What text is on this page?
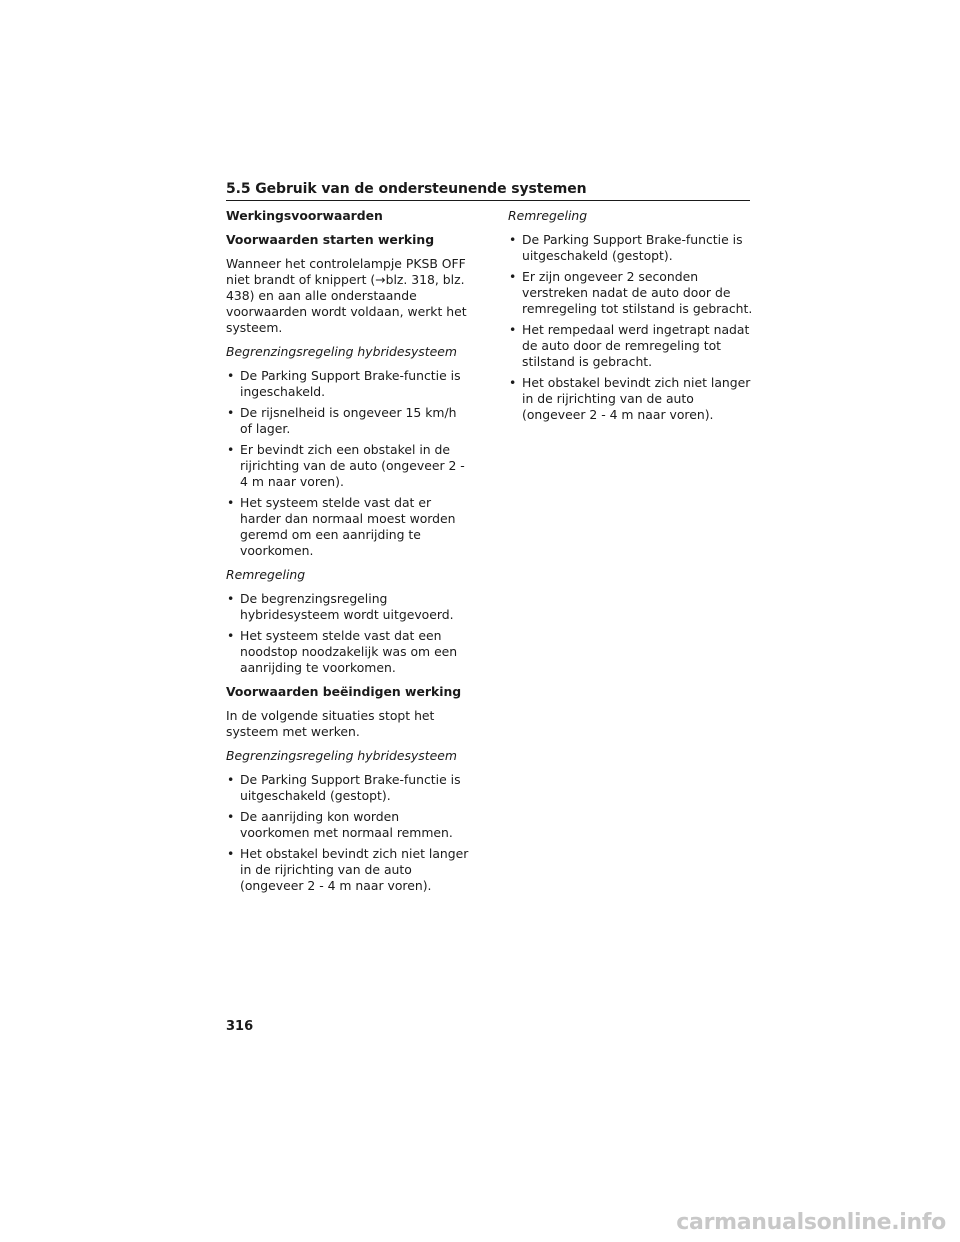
5.5 Gebruik van de ondersteunende systemen

Werkingsvoorwaarden

Voorwaarden starten werking

Wanneer het controlelampje PKSB OFF niet brandt of knippert (→blz. 318, blz. 438) en aan alle onderstaande voorwaarden wordt voldaan, werkt het systeem.

Begrenzingsregeling hybridesysteem

• De Parking Support Brake-functie is ingeschakeld.
• De rijsnelheid is ongeveer 15 km/h of lager.
• Er bevindt zich een obstakel in de rijrichting van de auto (ongeveer 2 - 4 m naar voren).
• Het systeem stelde vast dat er harder dan normaal moest worden geremd om een aanrijding te voorkomen.

Remregeling

• De begrenzingsregeling hybridesysteem wordt uitgevoerd.
• Het systeem stelde vast dat een noodstop noodzakelijk was om een aanrijding te voorkomen.

Voorwaarden beëindigen werking

In de volgende situaties stopt het systeem met werken.

Begrenzingsregeling hybridesysteem

• De Parking Support Brake-functie is uitgeschakeld (gestopt).
• De aanrijding kon worden voorkomen met normaal remmen.
• Het obstakel bevindt zich niet langer in de rijrichting van de auto (ongeveer 2 - 4 m naar voren).

Remregeling

• De Parking Support Brake-functie is uitgeschakeld (gestopt).
• Er zijn ongeveer 2 seconden verstreken nadat de auto door de remregeling tot stilstand is gebracht.
• Het rempedaal werd ingetrapt nadat de auto door de remregeling tot stilstand is gebracht.
• Het obstakel bevindt zich niet langer in de rijrichting van de auto (ongeveer 2 - 4 m naar voren).
316
carmanualsonline.info
